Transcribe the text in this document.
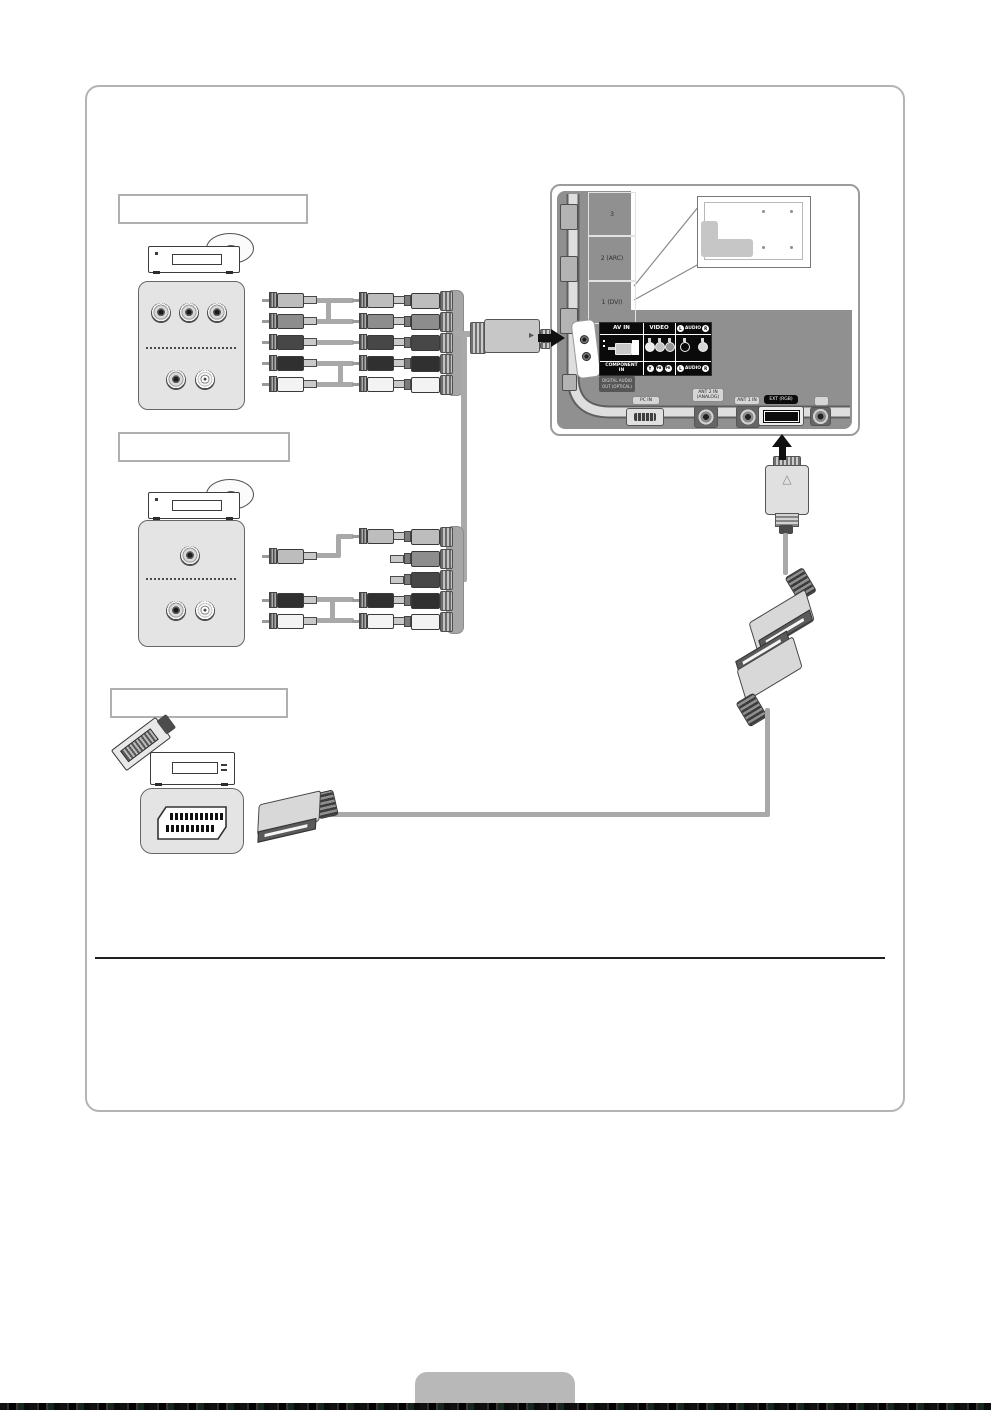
▸
3
2 (ARC)
1 (DVI)
AV IN	VIDEO	L AUDIO R
COMPONENT
IN	Y	PB	PR	L AUDIO R
DIGITAL AUDIO
OUT (OPTICAL)
PC IN
ANT 2 IN
(ANALOG)
ANT 1 IN	EXT (RGB)
△
